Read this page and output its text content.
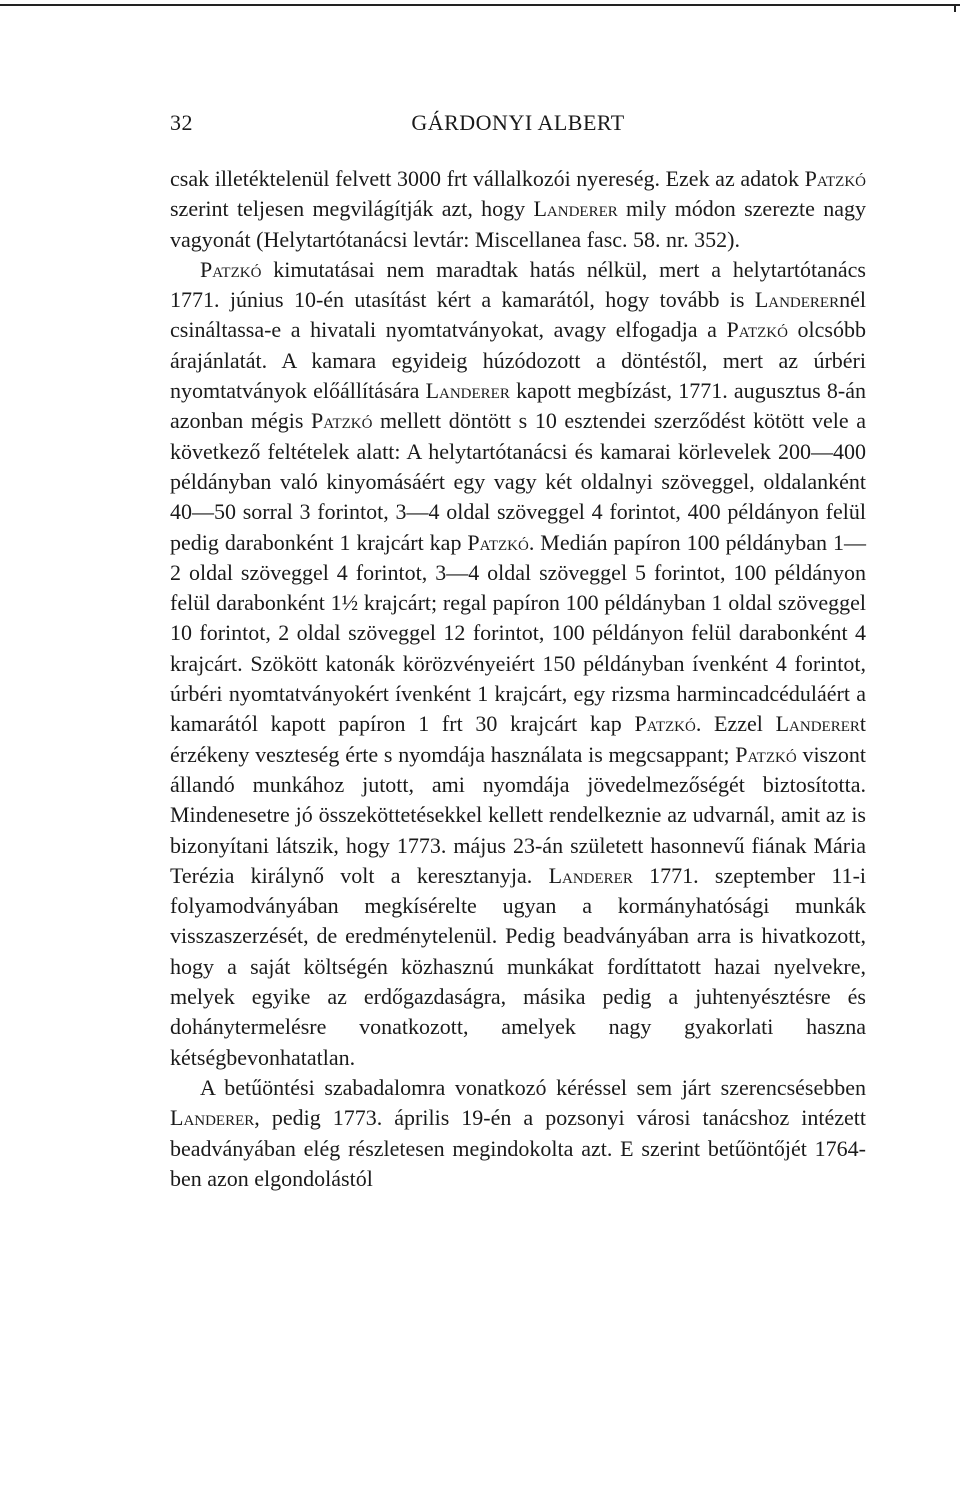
32	GÁRDONYI ALBERT

csak illetéktelenül felvett 3000 frt vállalkozói nyereség. Ezek az adatok Patzkó szerint teljesen megvilágítják azt, hogy Landerer mily módon szerezte nagy vagyonát (Helytartótanácsi levtár: Miscellanea fasc. 58. nr. 352).

Patzkó kimutatásai nem maradtak hatás nélkül, mert a helytartótanács 1771. június 10-én utasítást kért a kamarától, hogy tovább is Landerernél csináltassa-e a hivatali nyomtatványokat, avagy elfogadja a Patzkó olcsóbb árajánlatát. A kamara egyideig húzódozott a döntéstől, mert az úrbéri nyomtatványok előállítására Landerer kapott megbízást, 1771. augusztus 8-án azonban mégis Patzkó mellett döntött s 10 esztendei szerződést kötött vele a következő feltételek alatt: A helytartótanácsi és kamarai körlevelek 200—400 példányban való kinyomásáért egy vagy két oldalnyi szöveggel, oldalanként 40—50 sorral 3 forintot, 3—4 oldal szöveggel 4 forintot, 400 példányon felül pedig darabonként 1 krajcárt kap Patzkó. Medián papíron 100 példányban 1—2 oldal szöveggel 4 forintot, 3—4 oldal szöveggel 5 forintot, 100 példányon felül darabonként 1½ krajcárt; regal papíron 100 példányban 1 oldal szöveggel 10 forintot, 2 oldal szöveggel 12 forintot, 100 példányon felül darabonként 4 krajcárt. Szökött katonák körözvényeiért 150 példányban ívenként 4 forintot, úrbéri nyomtatványokért ívenként 1 krajcárt, egy rizsma harmincadcéduláért a kamarától kapott papíron 1 frt 30 krajcárt kap Patzkó. Ezzel Landerert érzékeny veszteség érte s nyomdája használata is megcsappant; Patzkó viszont állandó munkához jutott, ami nyomdája jövedelmezőségét biztosította. Mindenesetre jó összeköttetésekkel kellett rendelkeznie az udvarnál, amit az is bizonyítani látszik, hogy 1773. május 23-án született hasonnevű fiának Mária Terézia királynő volt a keresztanyja. Landerer 1771. szeptember 11-i folyamodványában megkísérelte ugyan a kormányhatósági munkák visszaszerzését, de eredménytelenül. Pedig beadványában arra is hivatkozott, hogy a saját költségén közhasznú munkákat fordíttatott hazai nyelvekre, melyek egyike az erdőgazdaságra, másika pedig a juhtenyésztésre és dohánytermelésre vonatkozott, amelyek nagy gyakorlati haszna kétségbevonhatatlan.

A betűöntési szabadalomra vonatkozó kéréssel sem járt szerencsésebben Landerer, pedig 1773. április 19-én a pozsonyi városi tanácshoz intézett beadványában elég részletesen megindokolta azt. E szerint betűöntőjét 1764-ben azon elgondolástól
